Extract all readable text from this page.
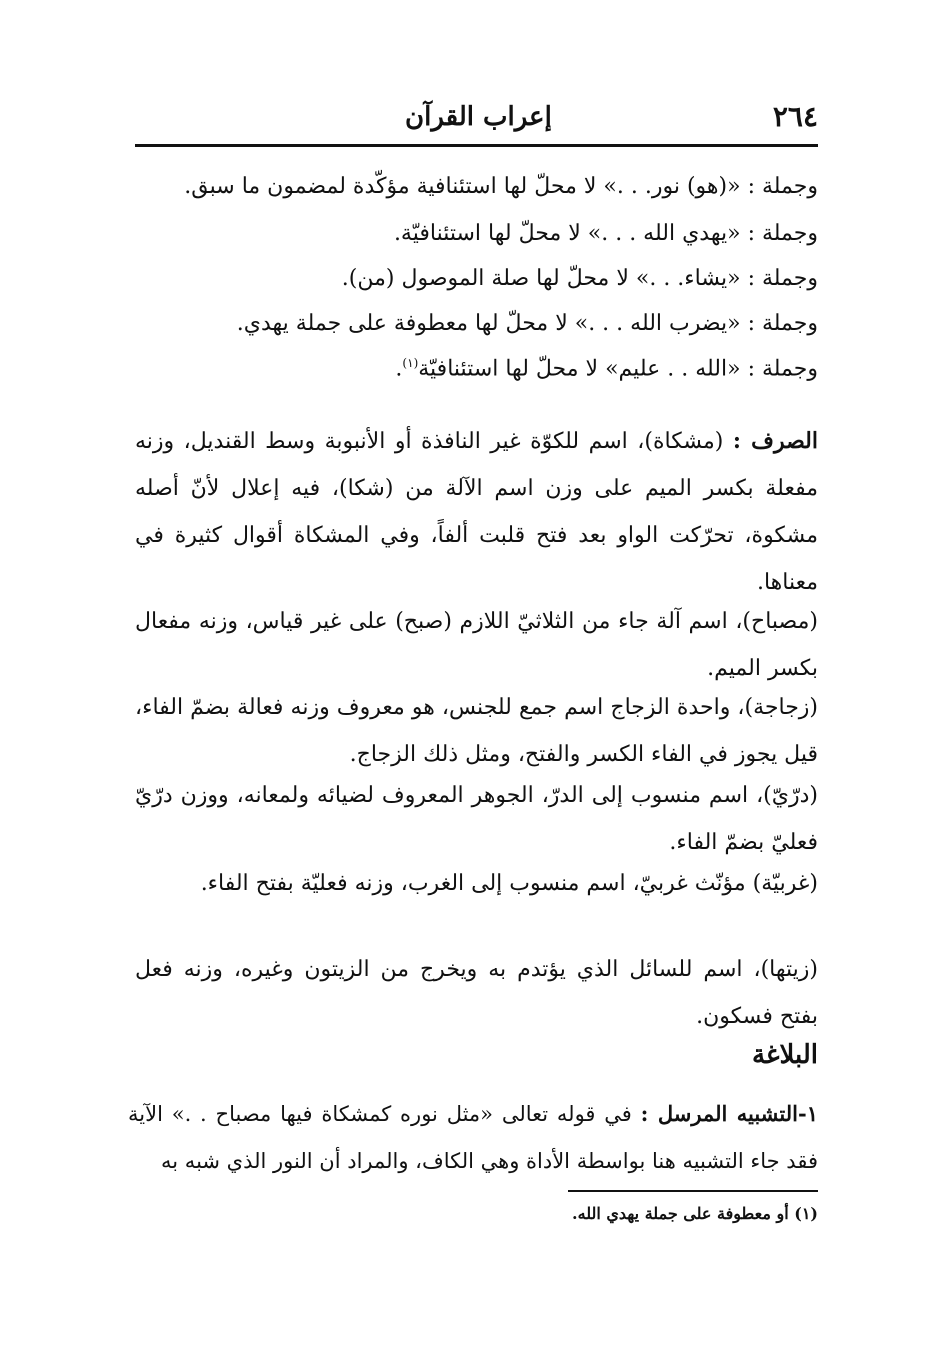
٢٦٤
إعراب القرآن
وجملة : «(هو) نور. . .» لا محلّ لها استئنافية مؤكّدة لمضمون ما سبق.
وجملة : «يهدي الله . . .» لا محلّ لها استئنافيّة.
وجملة : «يشاء. . .» لا محلّ لها صلة الموصول (من).
وجملة : «يضرب الله . . .» لا محلّ لها معطوفة على جملة يهدي.
وجملة : «الله . . عليم» لا محلّ لها استئنافيّة$^{(١)}$.
الصرف : (مشكاة)، اسم للكوّة غير النافذة أو الأنبوبة وسط القنديل، وزنه مفعلة بكسر الميم على وزن اسم الآلة من (شكا)، فيه إعلال لأنّ أصله مشكوة، تحرّكت الواو بعد فتح قلبت ألفاً، وفي المشكاة أقوال كثيرة في معناها.
(مصباح)، اسم آلة جاء من الثلاثيّ اللازم (صبح) على غير قياس، وزنه مفعال بكسر الميم.
(زجاجة)، واحدة الزجاج اسم جمع للجنس، هو معروف وزنه فعالة بضمّ الفاء، قيل يجوز في الفاء الكسر والفتح، ومثل ذلك الزجاج.
(درّيّ)، اسم منسوب إلى الدرّ، الجوهر المعروف لضيائه ولمعانه، ووزن درّيّ فعليّ بضمّ الفاء.
(غربيّة) مؤنّث غربيّ، اسم منسوب إلى الغرب، وزنه فعليّة بفتح الفاء.
(زيتها)، اسم للسائل الذي يؤتدم به ويخرج من الزيتون وغيره، وزنه فعل بفتح فسكون.
البلاغة
١-التشبيه المرسل : في قوله تعالى «مثل نوره كمشكاة فيها مصباح . .» الآية فقد جاء التشبيه هنا بواسطة الأداة وهي الكاف، والمراد أن النور الذي شبه به
(١) أو معطوفة على جملة يهدي الله.
